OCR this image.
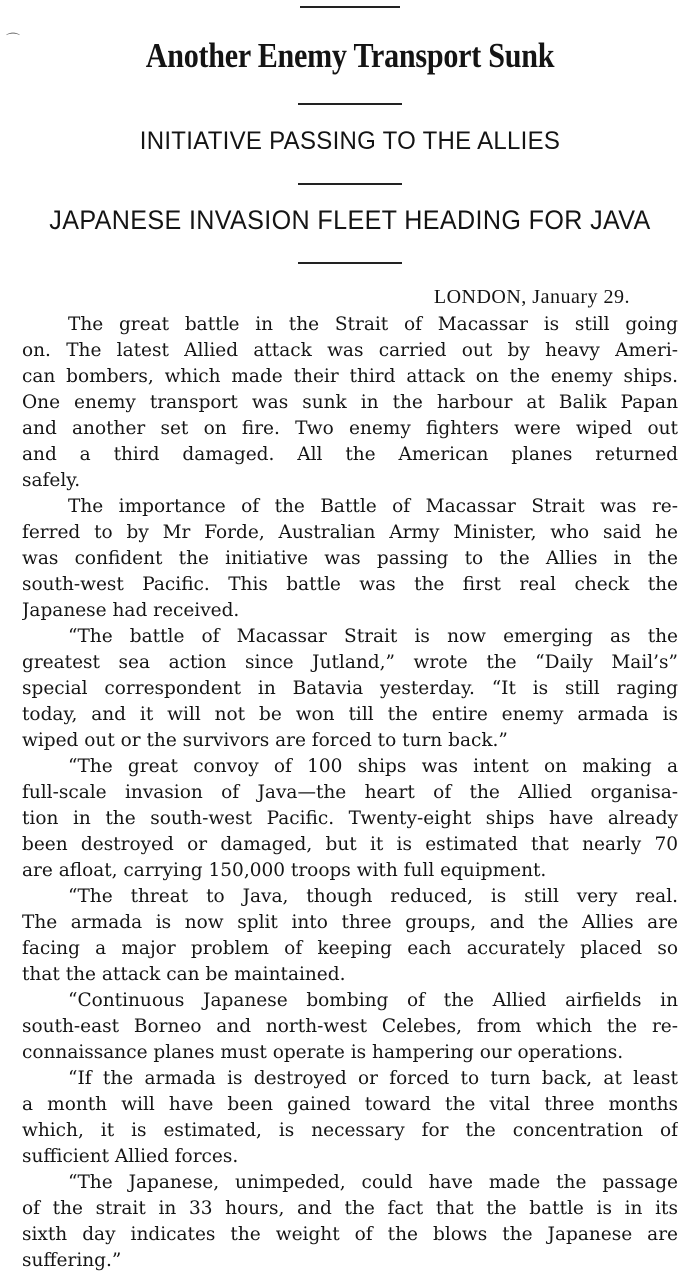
⌒	Another Enemy Transport Sunk
INITIATIVE PASSING TO THE ALLIES
JAPANESE INVASION FLEET HEADING FOR JAVA
LONDON, January 29.

The great battle in the Strait of Macassar is still going
on. The latest Allied attack was carried out by heavy Ameri-
can bombers, which made their third attack on the enemy ships.
One enemy transport was sunk in the harbour at Balik Papan
and another set on fire. Two enemy fighters were wiped out
and a third damaged. All the American planes returned
safely.

The importance of the Battle of Macassar Strait was re-
ferred to by Mr Forde, Australian Army Minister, who said he
was confident the initiative was passing to the Allies in the
south-west Pacific. This battle was the first real check the
Japanese had received.

“The battle of Macassar Strait is now emerging as the
greatest sea action since Jutland,” wrote the “Daily Mail’s”
special correspondent in Batavia yesterday. “It is still raging
today, and it will not be won till the entire enemy armada is
wiped out or the survivors are forced to turn back.”

“The great convoy of 100 ships was intent on making a
full-scale invasion of Java—the heart of the Allied organisa-
tion in the south-west Pacific. Twenty-eight ships have already
been destroyed or damaged, but it is estimated that nearly 70
are afloat, carrying 150,000 troops with full equipment.

“The threat to Java, though reduced, is still very real.
The armada is now split into three groups, and the Allies are
facing a major problem of keeping each accurately placed so
that the attack can be maintained.

“Continuous Japanese bombing of the Allied airfields in
south-east Borneo and north-west Celebes, from which the re-
connaissance planes must operate is hampering our operations.

“If the armada is destroyed or forced to turn back, at least
a month will have been gained toward the vital three months
which, it is estimated, is necessary for the concentration of
sufficient Allied forces.

“The Japanese, unimpeded, could have made the passage
of the strait in 33 hours, and the fact that the battle is in its
sixth day indicates the weight of the blows the Japanese are
suffering.”
